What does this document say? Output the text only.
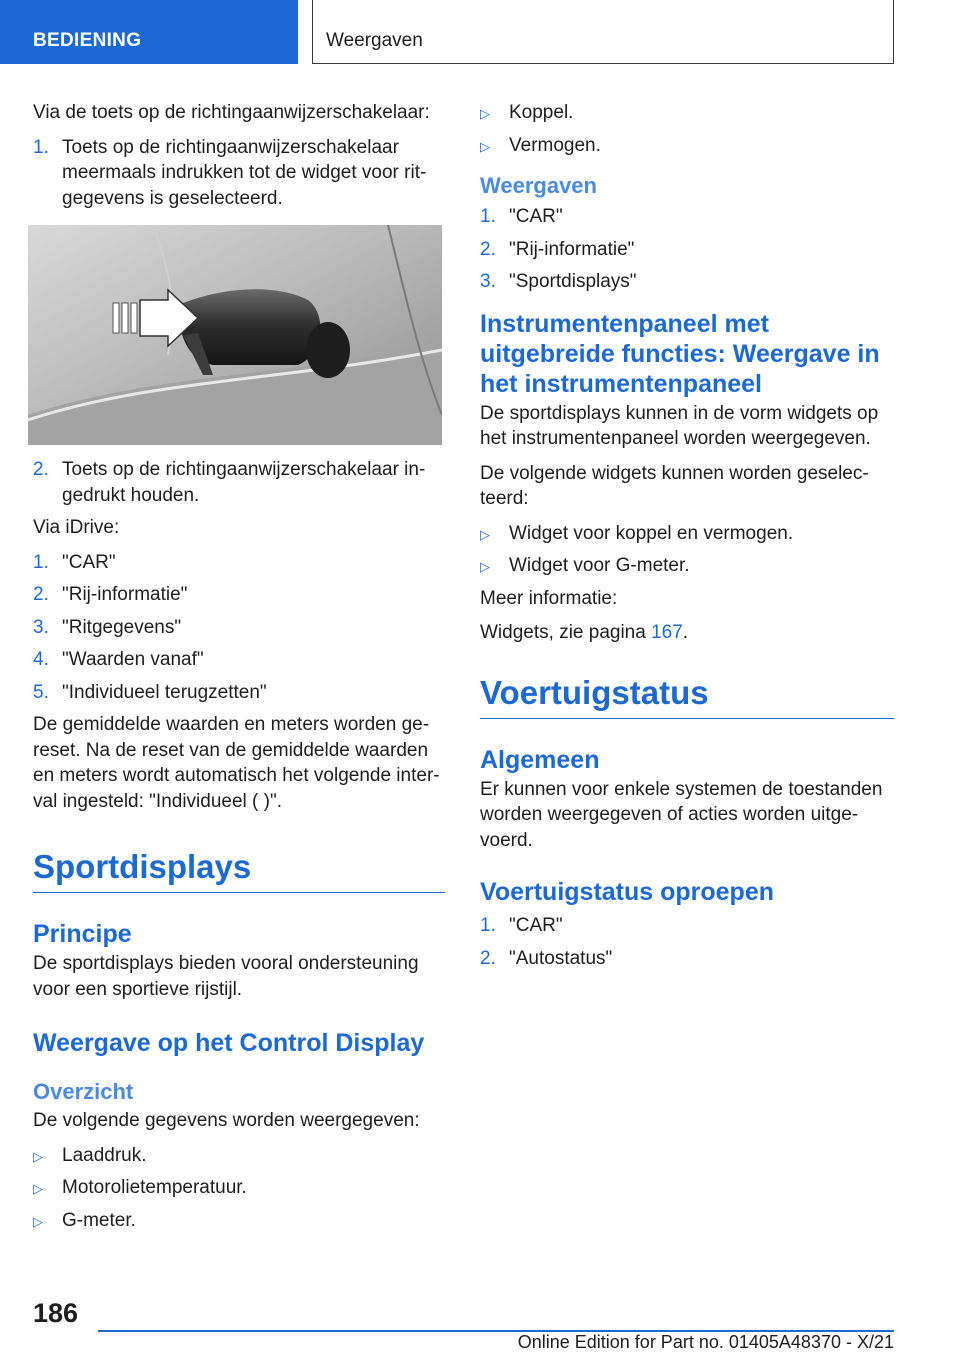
BEDIENING	Weergaven

Via de toets op de richtingaanwijzerschakelaar:

1. Toets op de richtingaanwijzerschakelaar meermaals indrukken tot de widget voor ritgegevens is geselecteerd.
2. Toets op de richtingaanwijzerschakelaar ingedrukt houden.

Via iDrive:

1. "CAR"
2. "Rij-informatie"
3. "Ritgegevens"
4. "Waarden vanaf"
5. "Individueel terugzetten"

De gemiddelde waarden en meters worden gereset. Na de reset van de gemiddelde waarden en meters wordt automatisch het volgende interval ingesteld: "Individueel ( )".

Sportdisplays
Principe

De sportdisplays bieden vooral ondersteuning voor een sportieve rijstijl.

Weergave op het Control Display
Overzicht

De volgende gegevens worden weergegeven:

▷ Laaddruk.
▷ Motorolietemperatuur.
▷ G-meter.
▷ Koppel.
▷ Vermogen.
Weergaven
1. "CAR"
2. "Rij-informatie"
3. "Sportdisplays"
Instrumentenpaneel met uitgebreide functies: Weergave in het instrumentenpaneel

De sportdisplays kunnen in de vorm widgets op het instrumentenpaneel worden weergegeven.

De volgende widgets kunnen worden geselecteerd:

▷ Widget voor koppel en vermogen.
▷ Widget voor G-meter.

Meer informatie:

Widgets, zie pagina 167.

Voertuigstatus
Algemeen

Er kunnen voor enkele systemen de toestanden worden weergegeven of acties worden uitgevoerd.

Voertuigstatus oproepen
1. "CAR"
2. "Autostatus"
186
Online Edition for Part no. 01405A48370 - X/21
